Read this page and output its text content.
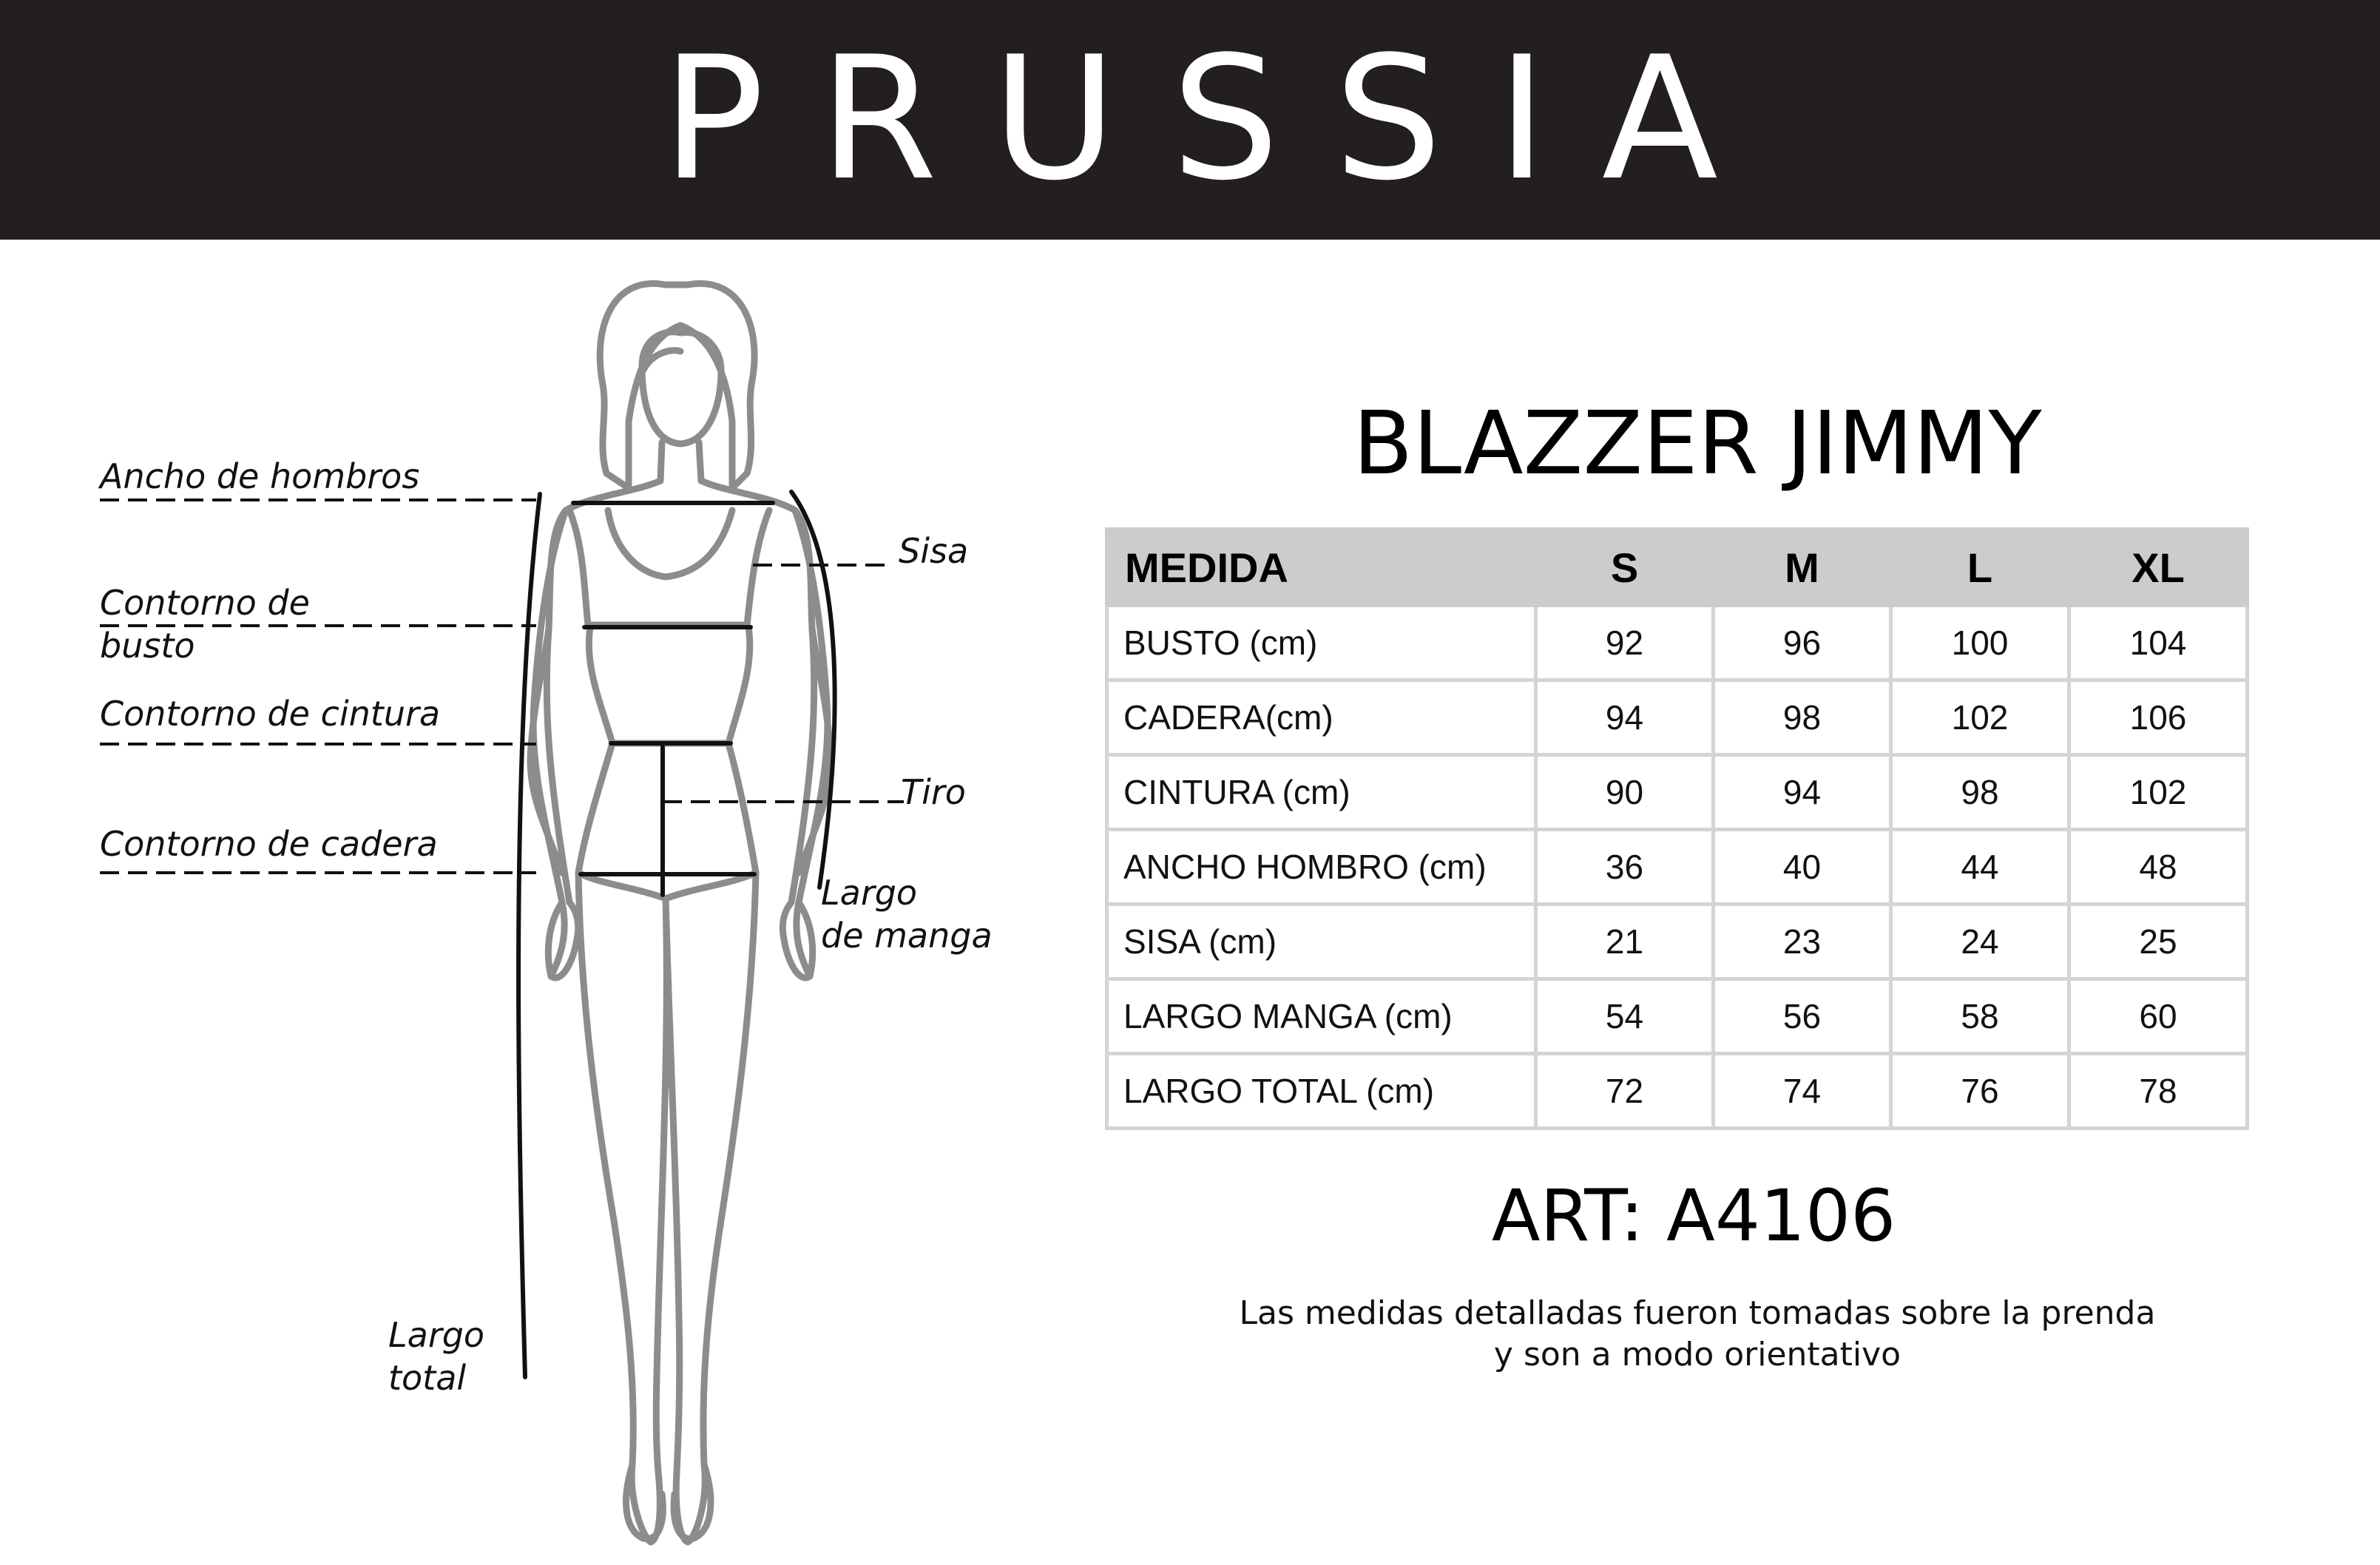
PRUSSIA
Ancho de hombros
Contorno de
busto
Contorno de cintura
Contorno de cadera
Sisa
Tiro
Largo
de manga
Largo
total
BLAZZER JIMMY
MEDIDA	S	M	L	XL
BUSTO (cm)	92	96	100	104
CADERA(cm)	94	98	102	106
CINTURA (cm)	90	94	98	102
ANCHO HOMBRO (cm)	36	40	44	48
SISA (cm)	21	23	24	25
LARGO MANGA (cm)	54	56	58	60
LARGO TOTAL (cm)	72	74	76	78
ART: A4106
Las medidas detalladas fueron tomadas sobre la prenda
y son a modo orientativo
